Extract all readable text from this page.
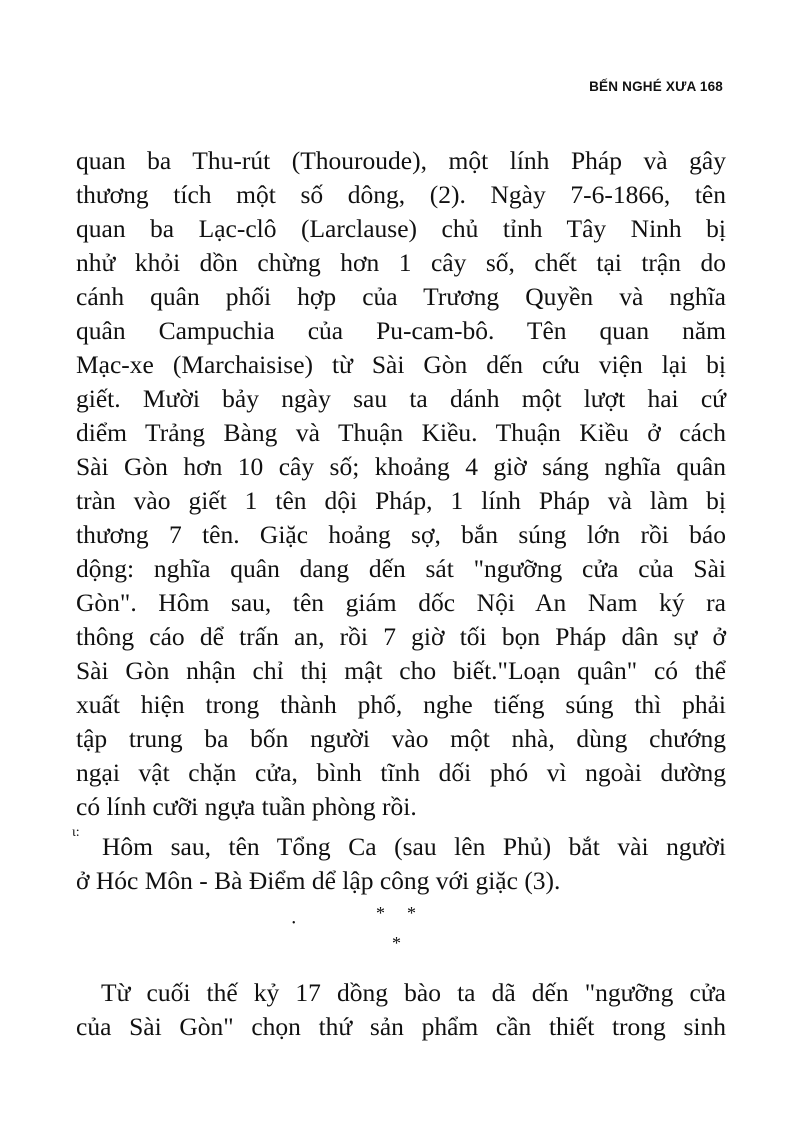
BẾN NGHÉ XƯA 168
quan ba Thu-rút (Thouroude), một lính Pháp và gây
thương tích một số dông, (2). Ngày 7-6-1866, tên
quan ba Lạc-clô (Larclause) chủ tỉnh Tây Ninh bị
nhử khỏi dồn chừng hơn 1 cây số, chết tại trận do
cánh quân phối hợp của Trương Quyền và nghĩa
quân Campuchia của Pu-cam-bô. Tên quan năm
Mạc-xe (Marchaisise) từ Sài Gòn dến cứu viện lại bị
giết. Mười bảy ngày sau ta dánh một lượt hai cứ
diểm Trảng Bàng và Thuận Kiều. Thuận Kiều ở cách
Sài Gòn hơn 10 cây số; khoảng 4 giờ sáng nghĩa quân
tràn vào giết 1 tên dội Pháp, 1 lính Pháp và làm bị
thương 7 tên. Giặc hoảng sợ, bắn súng lớn rồi báo
dộng: nghĩa quân dang dến sát "ngưỡng cửa của Sài
Gòn". Hôm sau, tên giám dốc Nội An Nam ký ra
thông cáo dể trấn an, rồi 7 giờ tối bọn Pháp dân sự ở
Sài Gòn nhận chỉ thị mật cho biết."Loạn quân" có thể
xuất hiện trong thành phố, nghe tiếng súng thì phải
tập trung ba bốn người vào một nhà, dùng chướng
ngại vật chặn cửa, bình tĩnh dối phó vì ngoài dường
có lính cưỡi ngựa tuần phòng rồi.
ι: Hôm sau, tên Tổng Ca (sau lên Phủ) bắt vài người
ở Hóc Môn - Bà Điểm dể lập công với giặc (3).
* *
*
•
Từ cuối thế kỷ 17 dồng bào ta dã dến "ngưỡng cửa
của Sài Gòn" chọn thứ sản phẩm cần thiết trong sinh
